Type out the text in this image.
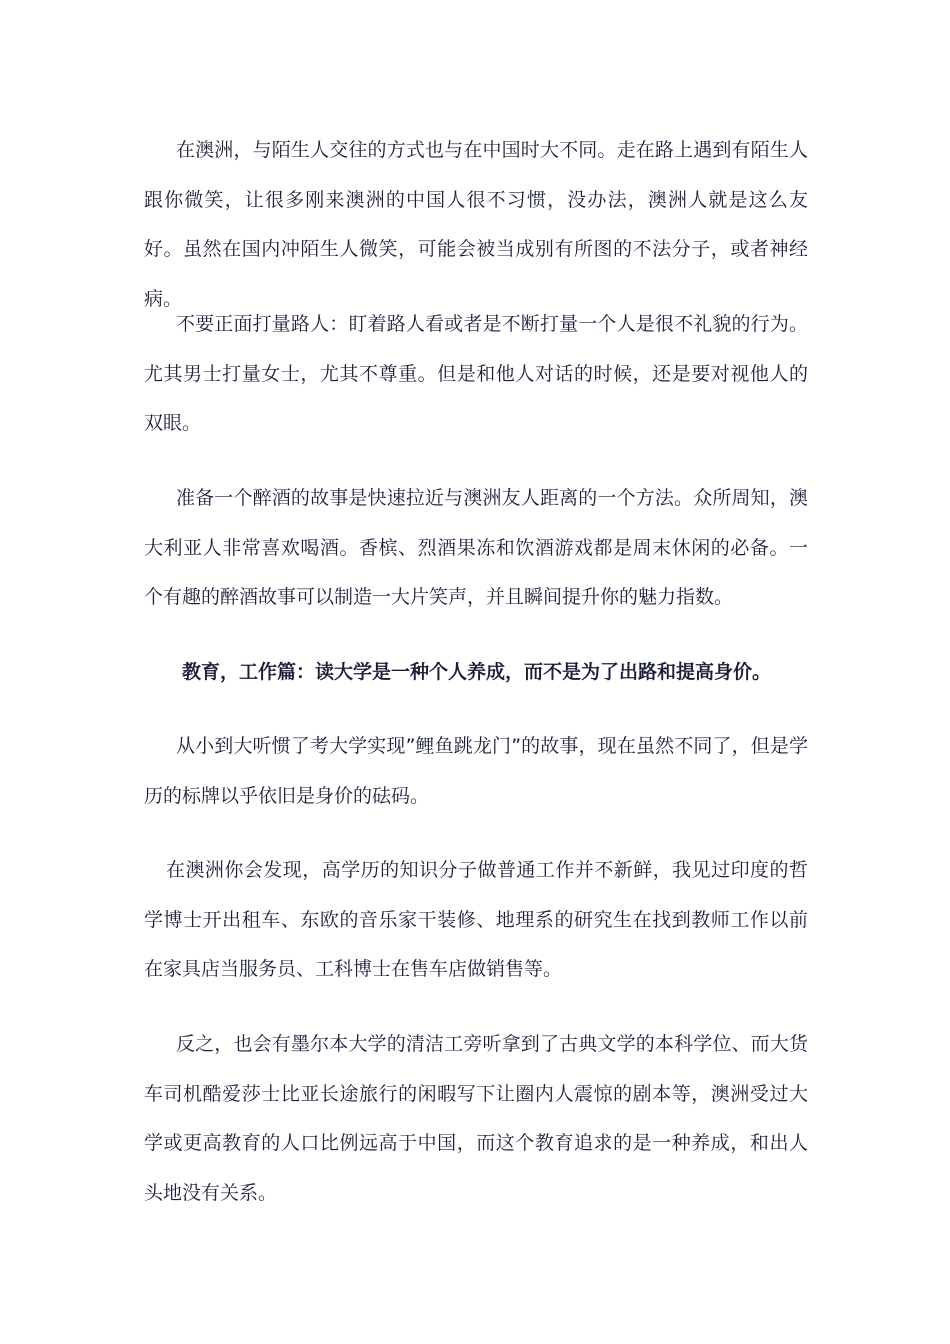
在澳洲，与陌生人交往的方式也与在中国时大不同。走在路上遇到有陌生人跟你微笑，让很多刚来澳洲的中国人很不习惯，没办法，澳洲人就是这么友好。虽然在国内冲陌生人微笑，可能会被当成别有所图的不法分子，或者神经病。

不要正面打量路人：盯着路人看或者是不断打量一个人是很不礼貌的行为。尤其男士打量女士，尤其不尊重。但是和他人对话的时候，还是要对视他人的双眼。

准备一个醉酒的故事是快速拉近与澳洲友人距离的一个方法。众所周知，澳大利亚人非常喜欢喝酒。香槟、烈酒果冻和饮酒游戏都是周末休闲的必备。一个有趣的醉酒故事可以制造一大片笑声，并且瞬间提升你的魅力指数。

教育，工作篇：读大学是一种个人养成，而不是为了出路和提高身价。

从小到大听惯了考大学实现”鲤鱼跳龙门”的故事，现在虽然不同了，但是学历的标牌以乎依旧是身价的砝码。

在澳洲你会发现，高学历的知识分子做普通工作并不新鲜，我见过印度的哲学博士开出租车、东欧的音乐家干装修、地理系的研究生在找到教师工作以前在家具店当服务员、工科博士在售车店做销售等。

反之，也会有墨尔本大学的清洁工旁听拿到了古典文学的本科学位、而大货车司机酷爱莎士比亚长途旅行的闲暇写下让圈内人震惊的剧本等，澳洲受过大学或更高教育的人口比例远高于中国，而这个教育追求的是一种养成，和出人头地没有关系。
